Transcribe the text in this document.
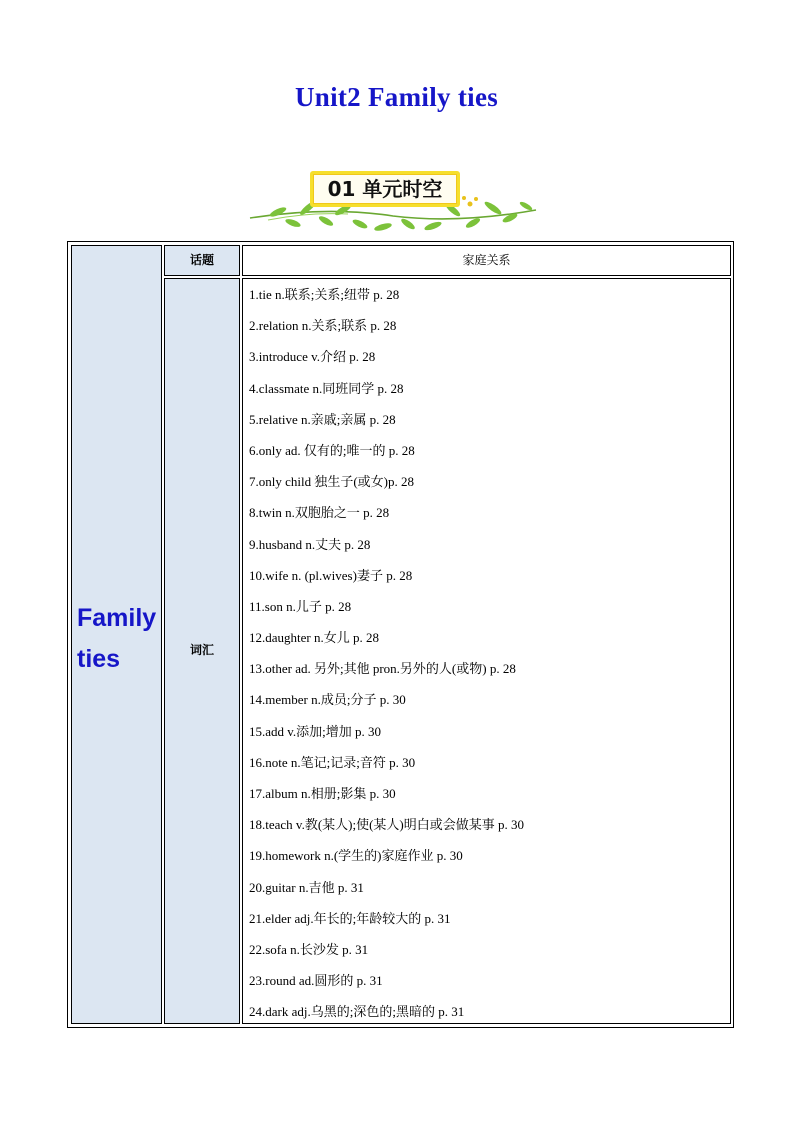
Unit2 Family ties
01 单元时空
Family
ties
话题	家庭关系
词汇
1.tie n.联系;关系;纽带 p. 28
2.relation n.关系;联系 p. 28
3.introduce v.介绍 p. 28
4.classmate n.同班同学 p. 28
5.relative n.亲戚;亲属 p. 28
6.only ad. 仅有的;唯一的 p. 28
7.only child 独生子(或女)p. 28
8.twin n.双胞胎之一 p. 28
9.husband n.丈夫 p. 28
10.wife n. (pl.wives)妻子 p. 28
11.son n.儿子 p. 28
12.daughter n.女儿 p. 28
13.other ad. 另外;其他 pron.另外的人(或物) p. 28
14.member n.成员;分子 p. 30
15.add v.添加;增加 p. 30
16.note n.笔记;记录;音符 p. 30
17.album n.相册;影集 p. 30
18.teach v.教(某人);使(某人)明白或会做某事 p. 30
19.homework n.(学生的)家庭作业 p. 30
20.guitar n.吉他 p. 31
21.elder adj.年长的;年龄较大的 p. 31
22.sofa n.长沙发 p. 31
23.round ad.圆形的 p. 31
24.dark adj.乌黑的;深色的;黑暗的 p. 31
